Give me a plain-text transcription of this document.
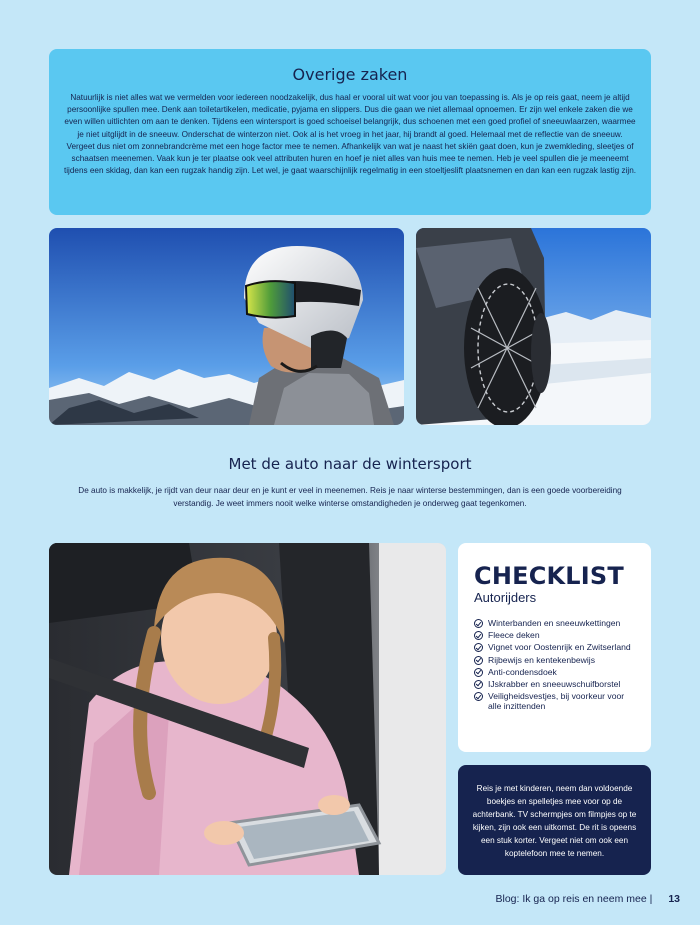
Overige zaken

Natuurlijk is niet alles wat we vermelden voor iedereen noodzakelijk, dus haal er vooral uit wat voor jou van toepassing is. Als je op reis gaat, neem je altijd persoonlijke spullen mee. Denk aan toiletartikelen, medicatie, pyjama en slippers. Dus die gaan we niet allemaal opnoemen. Er zijn wel enkele zaken die we even willen uitlichten om aan te denken. Tijdens een wintersport is goed schoeisel belangrijk, dus schoenen met een goed profiel of sneeuwlaarzen, waarmee je niet uitglijdt in de sneeuw. Onderschat de winterzon niet. Ook al is het vroeg in het jaar, hij brandt al goed. Helemaal met de reflectie van de sneeuw. Vergeet dus niet om zonnebrandcrème met een hoge factor mee te nemen. Afhankelijk van wat je naast het skiën gaat doen, kun je zwemkleding, sleetjes of schaatsen meenemen. Vaak kun je ter plaatse ook veel attributen huren en hoef je niet alles van huis mee te nemen. Heb je veel spullen die je meeneemt tijdens een skidag, dan kan een rugzak handig zijn. Let wel, je gaat waarschijnlijk regelmatig in een stoeltjeslift plaatsnemen en dan kan een rugzak lastig zijn.

Met de auto naar de wintersport

De auto is makkelijk, je rijdt van deur naar deur en je kunt er veel in meenemen. Reis je naar winterse bestemmingen, dan is een goede voorbereiding verstandig. Je weet immers nooit welke winterse omstandigheden je onderweg gaat tegenkomen.

CHECKLIST
Autorijders
Winterbanden en sneeuwkettingen
Fleece deken
Vignet voor Oostenrijk en Zwitserland
Rijbewijs en kentekenbewijs
Anti-condensdoek
IJskrabber en sneeuwschuifborstel
Veiligheidsvestjes, bij voorkeur voor alle inzittenden

Reis je met kinderen, neem dan voldoende boekjes en spelletjes mee voor op de achterbank. TV schermpjes om filmpjes op te kijken, zijn ook een uitkomst. De rit is opeens een stuk korter. Vergeet niet om ook een koptelefoon mee te nemen.

Blog: Ik ga op reis en neem mee | 13
